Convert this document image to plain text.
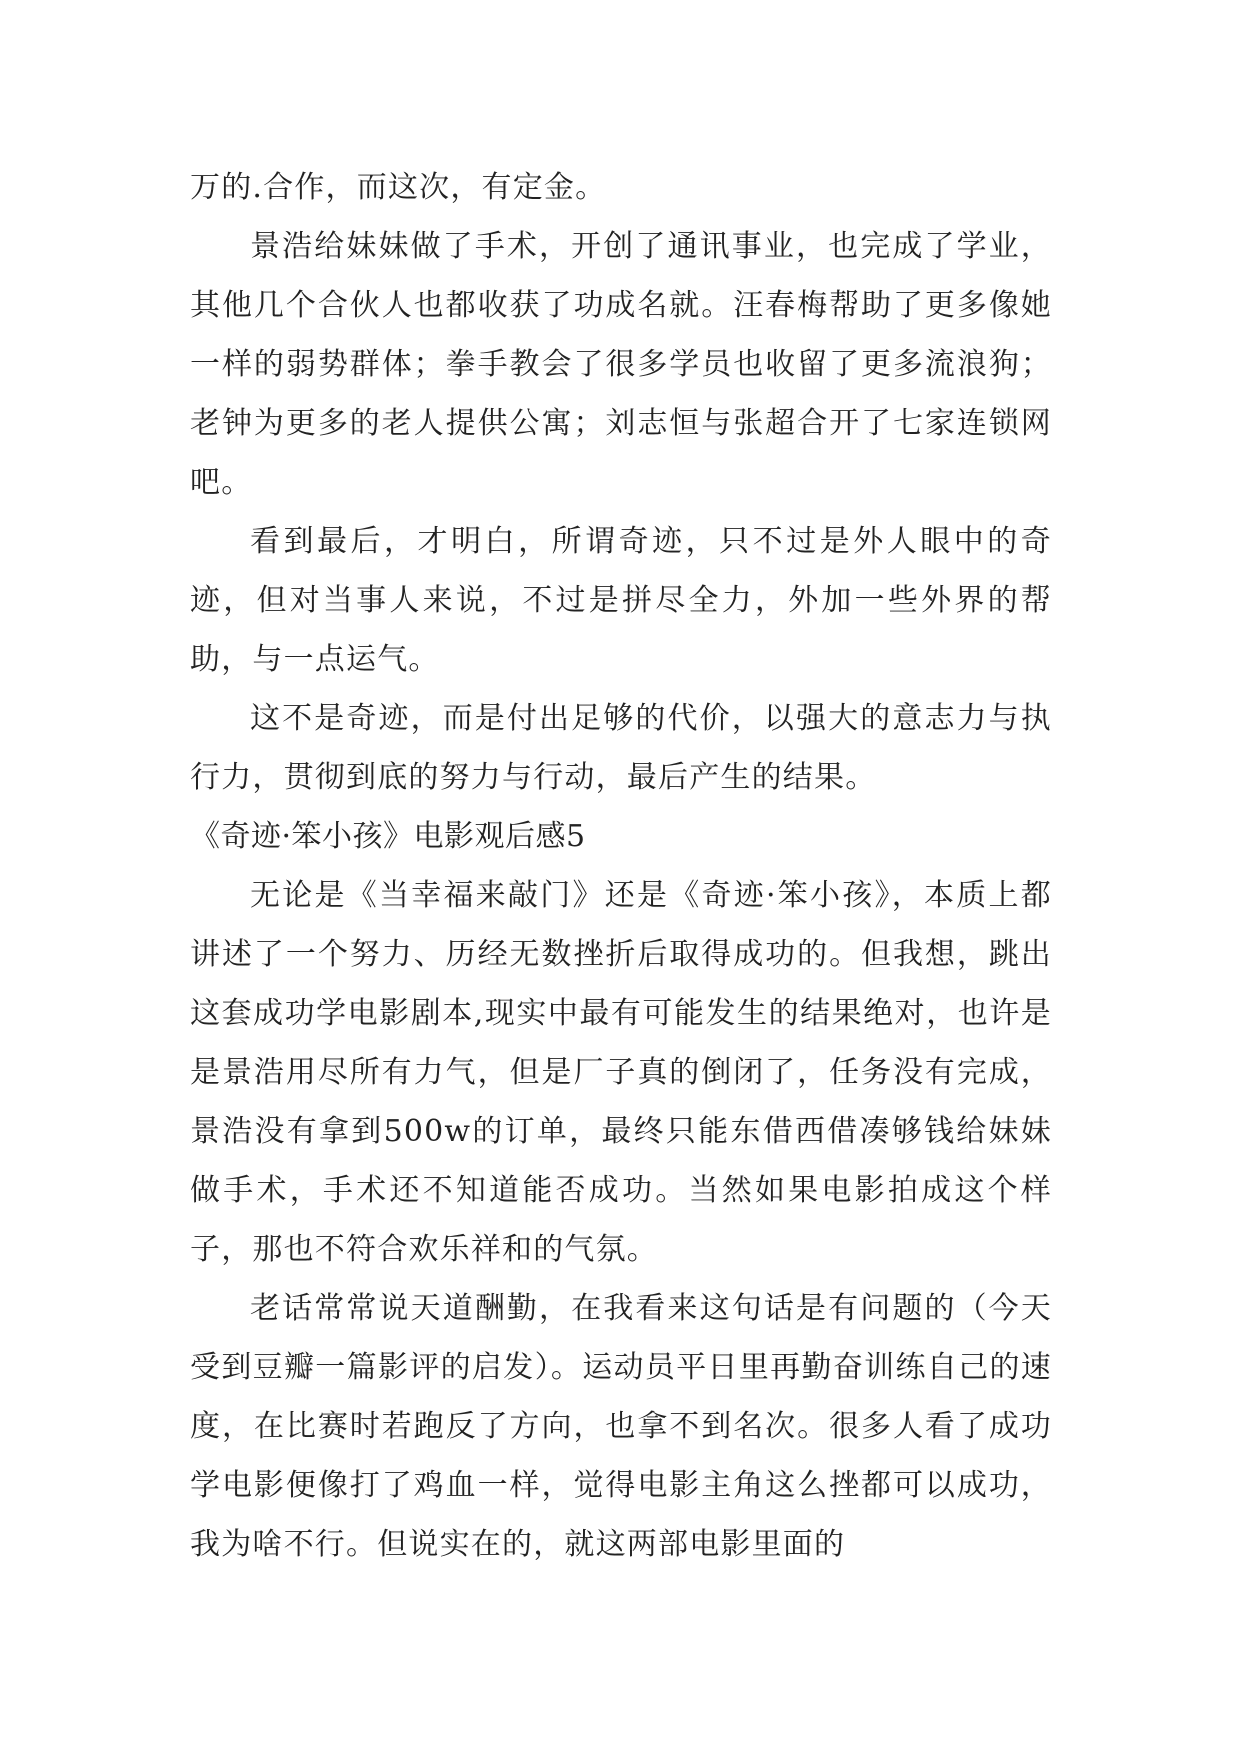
万的.合作，而这次，有定金。

景浩给妹妹做了手术，开创了通讯事业，也完成了学业，其他几个合伙人也都收获了功成名就。汪春梅帮助了更多像她一样的弱势群体；拳手教会了很多学员也收留了更多流浪狗；老钟为更多的老人提供公寓；刘志恒与张超合开了七家连锁网吧。

看到最后，才明白，所谓奇迹，只不过是外人眼中的奇迹，但对当事人来说，不过是拼尽全力，外加一些外界的帮助，与一点运气。

这不是奇迹，而是付出足够的代价，以强大的意志力与执行力，贯彻到底的努力与行动，最后产生的结果。

《奇迹·笨小孩》电影观后感5

无论是《当幸福来敲门》还是《奇迹·笨小孩》，本质上都讲述了一个努力、历经无数挫折后取得成功的。但我想，跳出这套成功学电影剧本,现实中最有可能发生的结果绝对，也许是是景浩用尽所有力气，但是厂子真的倒闭了，任务没有完成，景浩没有拿到500w的订单，最终只能东借西借凑够钱给妹妹做手术，手术还不知道能否成功。当然如果电影拍成这个样子，那也不符合欢乐祥和的气氛。

老话常常说天道酬勤，在我看来这句话是有问题的（今天受到豆瓣一篇影评的启发）。运动员平日里再勤奋训练自己的速度，在比赛时若跑反了方向，也拿不到名次。很多人看了成功学电影便像打了鸡血一样，觉得电影主角这么挫都可以成功，我为啥不行。但说实在的，就这两部电影里面的
